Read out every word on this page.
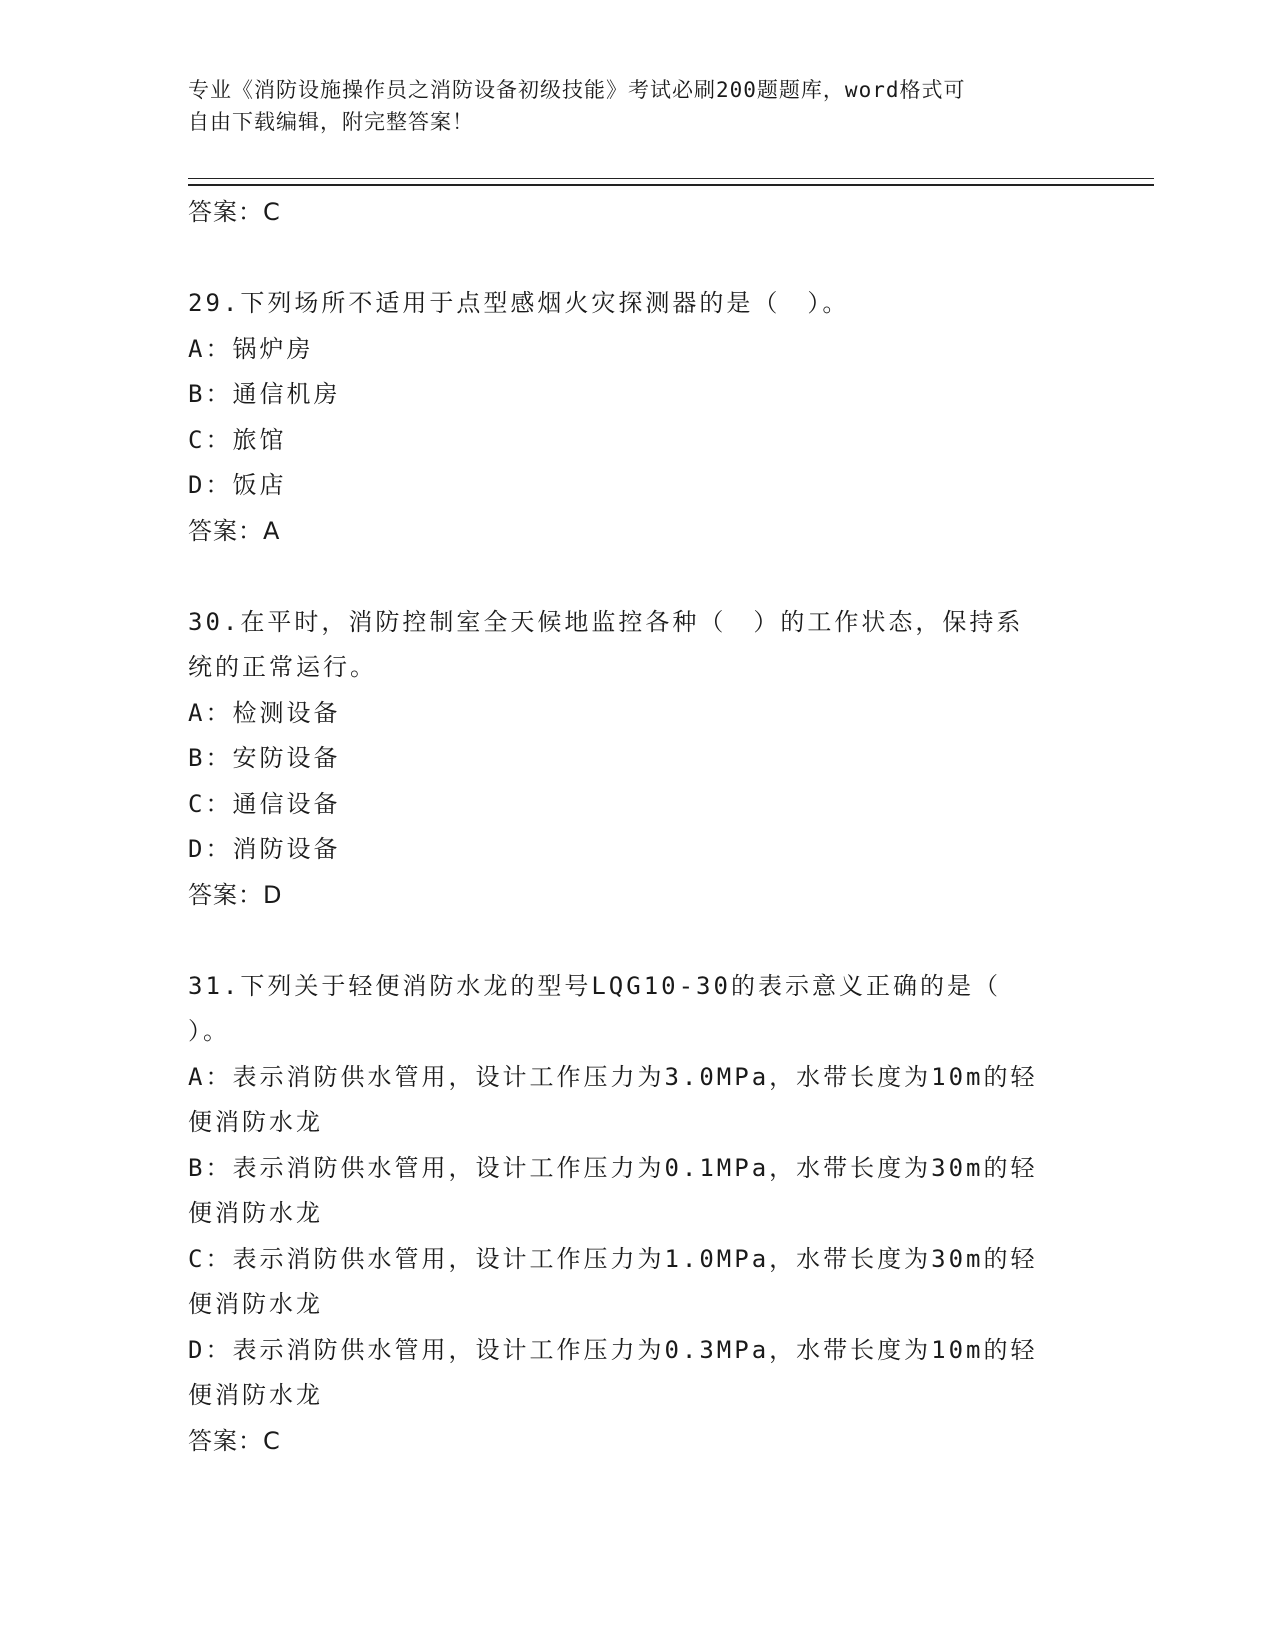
专业《消防设施操作员之消防设备初级技能》考试必刷200题题库，word格式可
自由下载编辑，附完整答案！
答案：C
29.下列场所不适用于点型感烟火灾探测器的是（　）。
A：锅炉房
B：通信机房
C：旅馆
D：饭店
答案：A
30.在平时，消防控制室全天候地监控各种（　）的工作状态，保持系
统的正常运行。
A：检测设备
B：安防设备
C：通信设备
D：消防设备
答案：D
31.下列关于轻便消防水龙的型号LQG10-30的表示意义正确的是（
）。
A：表示消防供水管用，设计工作压力为3.0MPa，水带长度为10m的轻
便消防水龙
B：表示消防供水管用，设计工作压力为0.1MPa，水带长度为30m的轻
便消防水龙
C：表示消防供水管用，设计工作压力为1.0MPa，水带长度为30m的轻
便消防水龙
D：表示消防供水管用，设计工作压力为0.3MPa，水带长度为10m的轻
便消防水龙
答案：C
